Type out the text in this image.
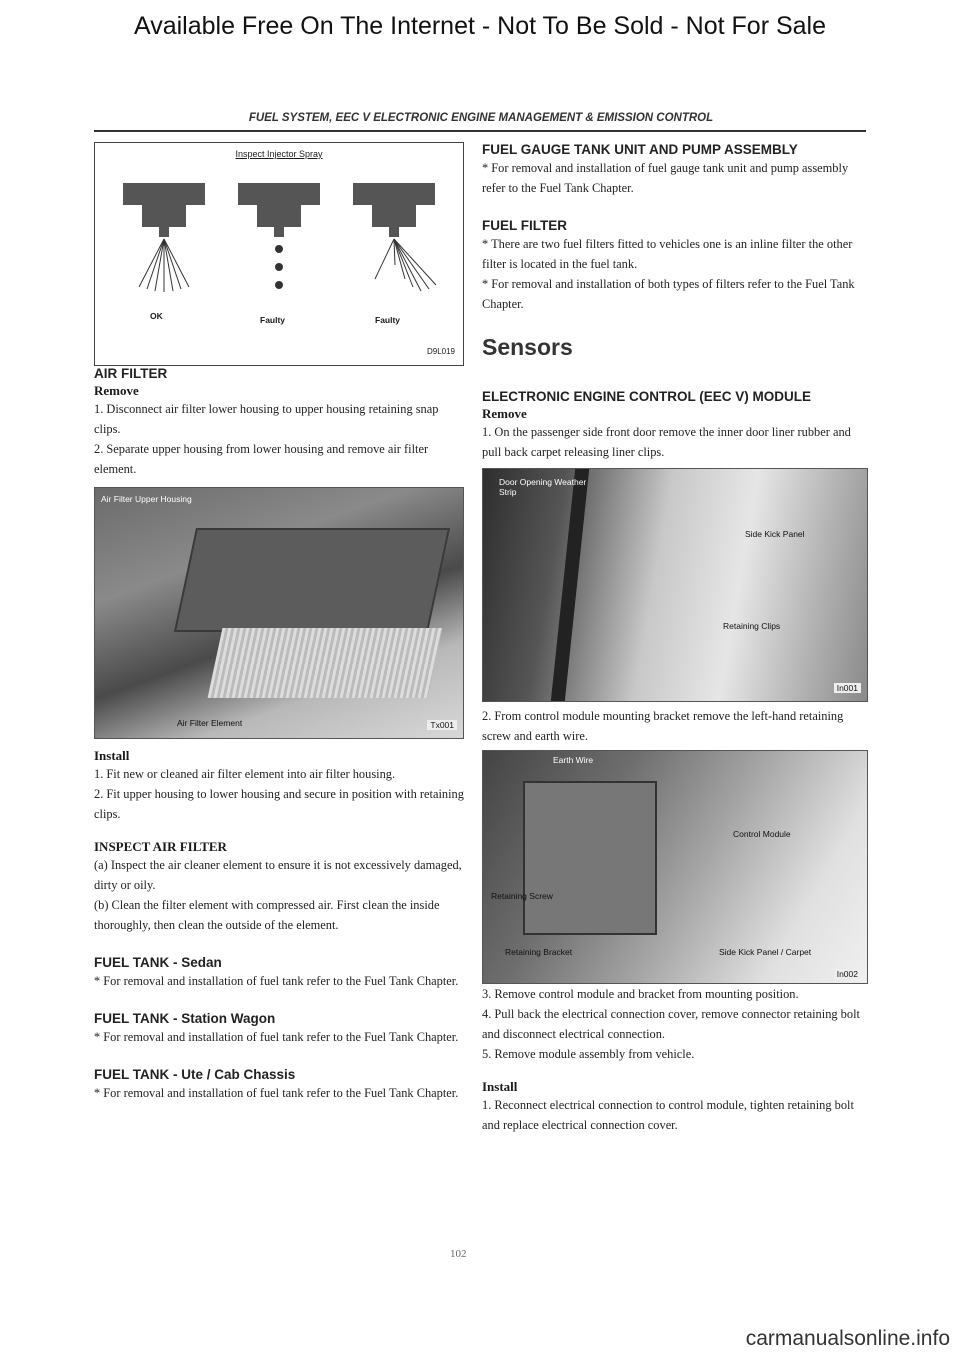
Available Free On The Internet - Not To Be Sold - Not For Sale
FUEL SYSTEM, EEC V ELECTRONIC ENGINE MANAGEMENT & EMISSION CONTROL
Inspect Injector Spray
OK	Faulty	Faulty
D9L019

AIR FILTER

Remove

1. Disconnect air filter lower housing to upper housing retaining snap clips.

2. Separate upper housing from lower housing and remove air filter element.

Air Filter Upper Housing
Air Filter Element	Tx001

Install

1. Fit new or cleaned air filter element into air filter housing.

2. Fit upper housing to lower housing and secure in position with retaining clips.

INSPECT AIR FILTER

(a) Inspect the air cleaner element to ensure it is not excessively damaged, dirty or oily.

(b) Clean the filter element with compressed air. First clean the inside thoroughly, then clean the outside of the element.

FUEL TANK - Sedan

* For removal and installation of fuel tank refer to the Fuel Tank Chapter.

FUEL TANK - Station Wagon

* For removal and installation of fuel tank refer to the Fuel Tank Chapter.

FUEL TANK - Ute / Cab Chassis

* For removal and installation of fuel tank refer to the Fuel Tank Chapter.

FUEL GAUGE TANK UNIT AND PUMP ASSEMBLY

* For removal and installation of fuel gauge tank unit and pump assembly refer to the Fuel Tank Chapter.

FUEL FILTER

* There are two fuel filters fitted to vehicles one is an inline filter the other filter is located in the fuel tank.

* For removal and installation of both types of filters refer to the Fuel Tank Chapter.

Sensors

ELECTRONIC ENGINE CONTROL (EEC V) MODULE

Remove

1. On the passenger side front door remove the inner door liner rubber and pull back carpet releasing liner clips.

Door Opening Weather Strip
Side Kick Panel
Retaining Clips
In001

2. From control module mounting bracket remove the left-hand retaining screw and earth wire.

Earth Wire
Control Module
Retaining Screw
Retaining Bracket	Side Kick Panel / Carpet
In002

3. Remove control module and bracket from mounting position.

4. Pull back the electrical connection cover, remove connector retaining bolt and disconnect electrical connection.

5. Remove module assembly from vehicle.

Install

1. Reconnect electrical connection to control module, tighten retaining bolt and replace electrical connection cover.

102
carmanualsonline.info
